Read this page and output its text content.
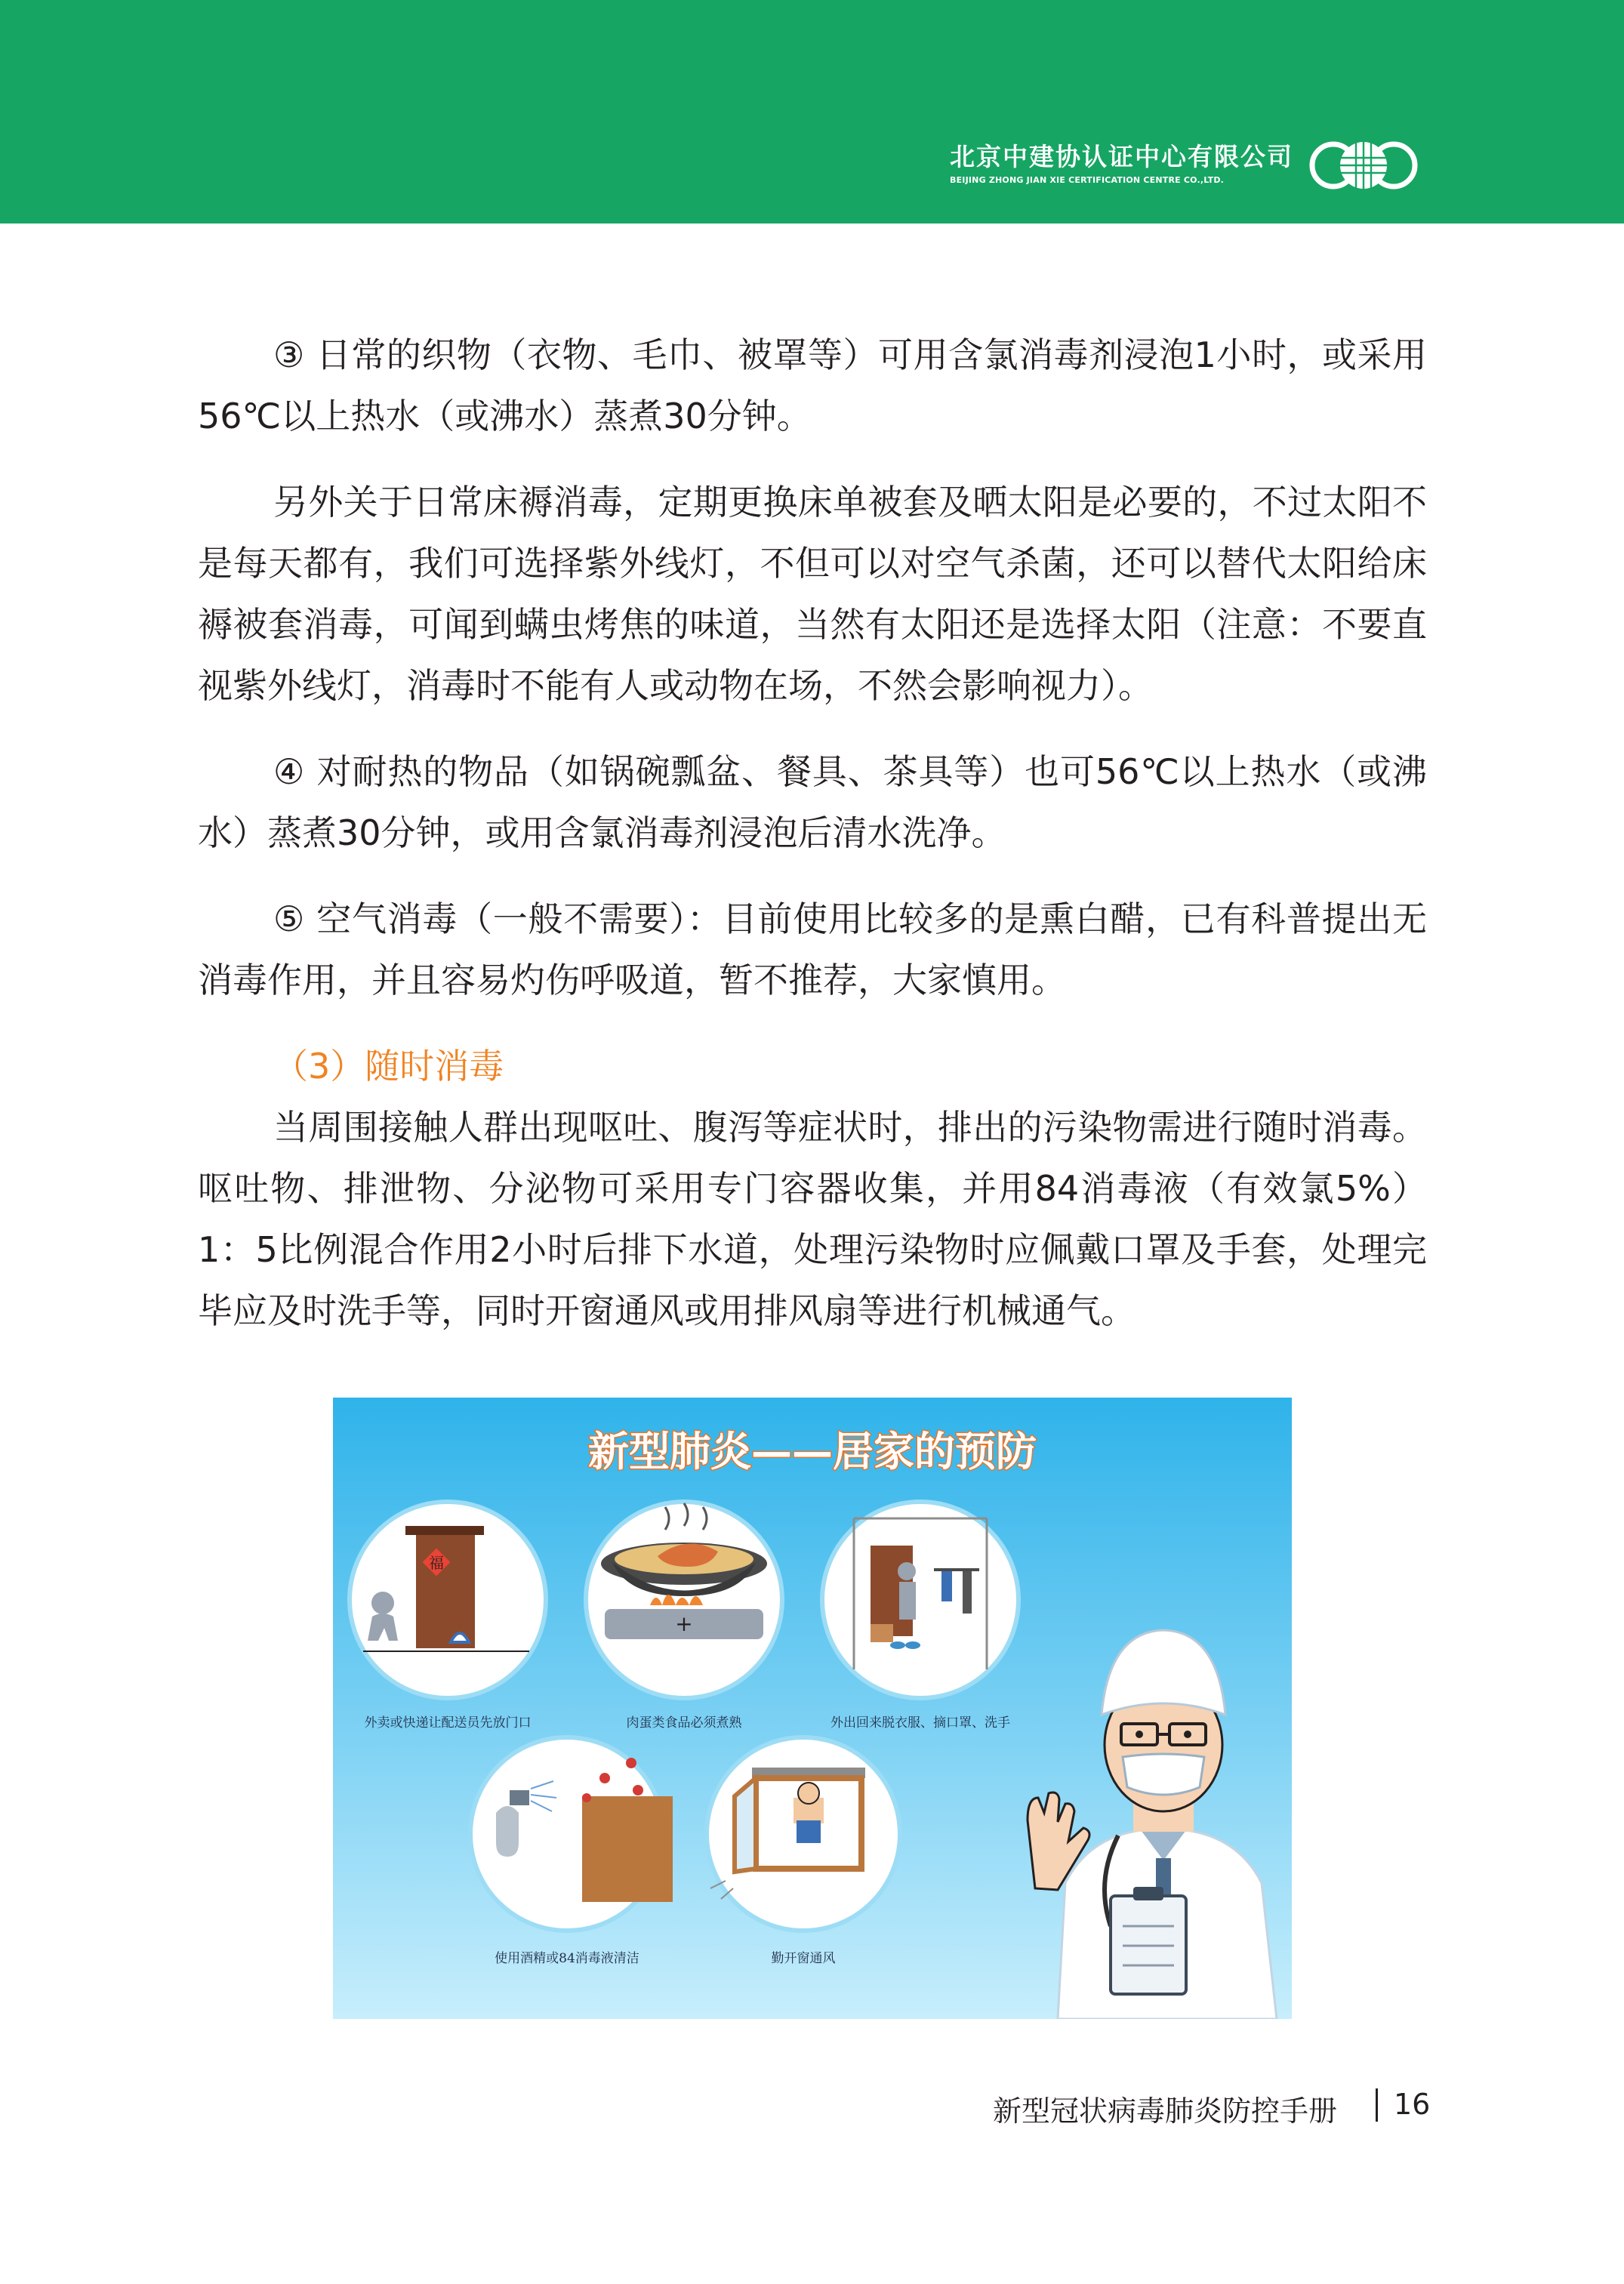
北京中建协认证中心有限公司
BEIJING ZHONG JIAN XIE CERTIFICATION CENTRE CO.,LTD.

③ 日常的织物（衣物、毛巾、被罩等）可用含氯消毒剂浸泡1小时，或采用56℃以上热水（或沸水）蒸煮30分钟。

另外关于日常床褥消毒，定期更换床单被套及晒太阳是必要的，不过太阳不是每天都有，我们可选择紫外线灯，不但可以对空气杀菌，还可以替代太阳给床褥被套消毒，可闻到螨虫烤焦的味道，当然有太阳还是选择太阳（注意：不要直视紫外线灯，消毒时不能有人或动物在场，不然会影响视力）。

④ 对耐热的物品（如锅碗瓢盆、餐具、茶具等）也可56℃以上热水（或沸水）蒸煮30分钟，或用含氯消毒剂浸泡后清水洗净。

⑤ 空气消毒（一般不需要）：目前使用比较多的是熏白醋，已有科普提出无消毒作用，并且容易灼伤呼吸道，暂不推荐，大家慎用。

（3）随时消毒

当周围接触人群出现呕吐、腹泻等症状时，排出的污染物需进行随时消毒。呕吐物、排泄物、分泌物可采用专门容器收集，并用84消毒液（有效氯5%）1：5比例混合作用2小时后排下水道，处理污染物时应佩戴口罩及手套，处理完毕应及时洗手等，同时开窗通风或用排风扇等进行机械通气。

新型肺炎——居家的预防
福
外卖或快递让配送员先放门口
+
肉蛋类食品必须煮熟	外出回来脱衣服、摘口罩、洗手
使用酒精或84消毒液清洁	勤开窗通风
新型冠状病毒肺炎防控手册 16
